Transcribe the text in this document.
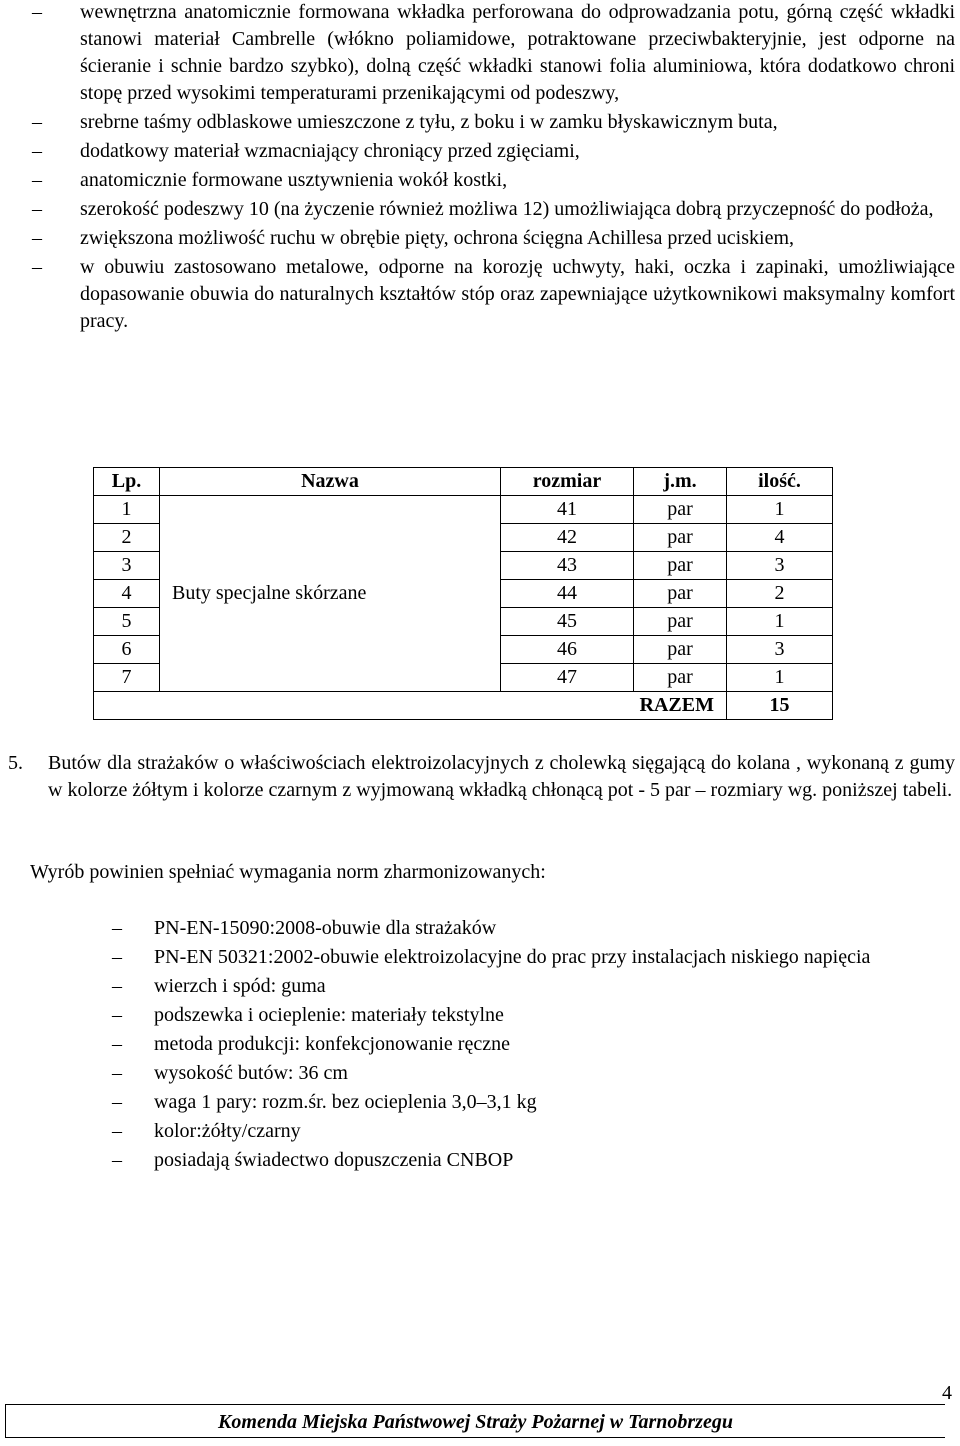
– wewnętrzna anatomicznie formowana wkładka perforowana do odprowadzania potu, górną część wkładki stanowi materiał Cambrelle (włókno poliamidowe, potraktowane przeciwbakteryjnie, jest odporne na ścieranie i schnie bardzo szybko), dolną część wkładki stanowi folia aluminiowa, która dodatkowo chroni stopę przed wysokimi temperaturami przenikającymi od podeszwy,
– srebrne taśmy odblaskowe umieszczone z tyłu, z boku i w zamku błyskawicznym buta,
– dodatkowy materiał wzmacniający chroniący przed zgięciami,
– anatomicznie formowane usztywnienia wokół kostki,
– szerokość podeszwy 10 (na życzenie również możliwa 12) umożliwiająca dobrą przyczepność do podłoża,
– zwiększona możliwość ruchu w obrębie pięty, ochrona ścięgna Achillesa przed uciskiem,
– w obuwiu zastosowano metalowe, odporne na korozję uchwyty, haki, oczka i zapinaki, umożliwiające dopasowanie obuwia do naturalnych kształtów stóp oraz zapewniające użytkownikowi maksymalny komfort pracy.
Lp.	Nazwa	rozmiar	j.m.	ilość.
1	Buty specjalne skórzane	41	par	1
2		42	par	4
3		43	par	3
4		44	par	2
5		45	par	1
6		46	par	3
7		47	par	1
		RAZEM		15
5. Butów dla strażaków o właściwościach elektroizolacyjnych z cholewką sięgającą do kolana , wykonaną z gumy w kolorze żółtym i kolorze czarnym z wyjmowaną wkładką chłonącą pot - 5 par – rozmiary wg. poniższej tabeli.
Wyrób powinien spełniać wymagania norm zharmonizowanych:
– PN-EN-15090:2008-obuwie dla strażaków
– PN-EN 50321:2002-obuwie elektroizolacyjne do prac przy instalacjach niskiego napięcia
– wierzch i spód: guma
– podszewka i ocieplenie: materiały tekstylne
– metoda produkcji: konfekcjonowanie ręczne
– wysokość butów: 36 cm
– waga 1 pary: rozm.śr. bez ocieplenia 3,0–3,1 kg
– kolor:żółty/czarny
– posiadają świadectwo dopuszczenia CNBOP
4
Komenda Miejska Państwowej Straży Pożarnej w Tarnobrzegu
